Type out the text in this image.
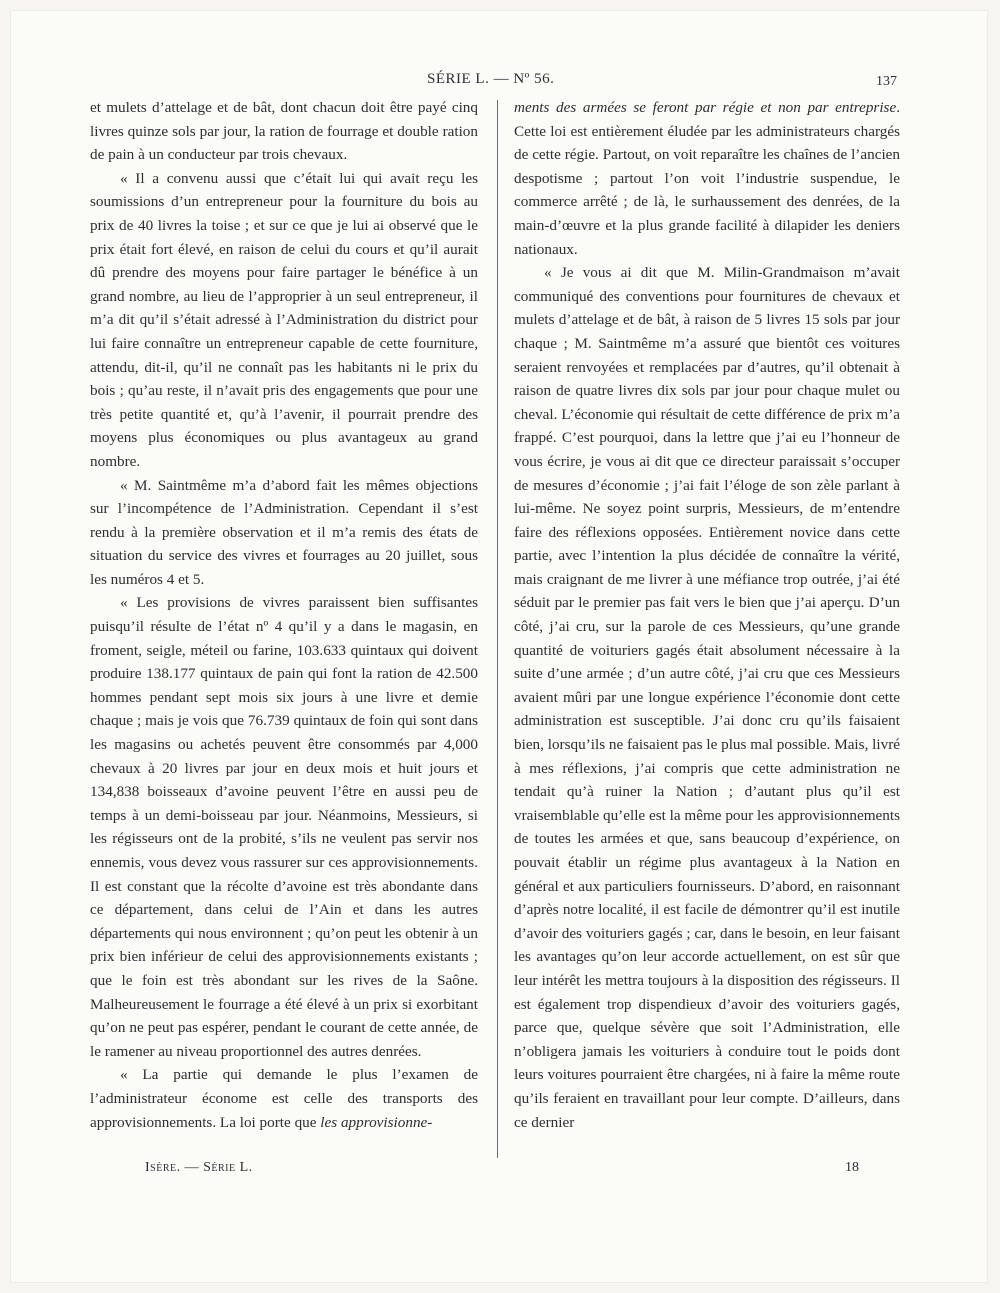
SÉRIE L. — Nº 56.	137

et mulets d’attelage et de bât, dont chacun doit être payé cinq livres quinze sols par jour, la ration de fourrage et double ration de pain à un conducteur par trois chevaux.

« Il a convenu aussi que c’était lui qui avait reçu les soumissions d’un entrepreneur pour la fourniture du bois au prix de 40 livres la toise ; et sur ce que je lui ai observé que le prix était fort élevé, en raison de celui du cours et qu’il aurait dû prendre des moyens pour faire partager le bénéfice à un grand nombre, au lieu de l’approprier à un seul entrepreneur, il m’a dit qu’il s’était adressé à l’Administration du district pour lui faire connaître un entrepreneur capable de cette fourniture, attendu, dit-il, qu’il ne connaît pas les habitants ni le prix du bois ; qu’au reste, il n’avait pris des engagements que pour une très petite quantité et, qu’à l’avenir, il pourrait prendre des moyens plus économiques ou plus avantageux au grand nombre.

« M. Saintmême m’a d’abord fait les mêmes objections sur l’incompétence de l’Administration. Cependant il s’est rendu à la première observation et il m’a remis des états de situation du service des vivres et fourrages au 20 juillet, sous les numéros 4 et 5.

« Les provisions de vivres paraissent bien suffisantes puisqu’il résulte de l’état nº 4 qu’il y a dans le magasin, en froment, seigle, méteil ou farine, 103.633 quintaux qui doivent produire 138.177 quintaux de pain qui font la ration de 42.500 hommes pendant sept mois six jours à une livre et demie chaque ; mais je vois que 76.739 quintaux de foin qui sont dans les magasins ou achetés peuvent être consommés par 4,000 chevaux à 20 livres par jour en deux mois et huit jours et 134,838 boisseaux d’avoine peuvent l’être en aussi peu de temps à un demi-boisseau par jour. Néanmoins, Messieurs, si les régisseurs ont de la probité, s’ils ne veulent pas servir nos ennemis, vous devez vous rassurer sur ces approvisionnements. Il est constant que la récolte d’avoine est très abondante dans ce département, dans celui de l’Ain et dans les autres départements qui nous environnent ; qu’on peut les obtenir à un prix bien inférieur de celui des approvisionnements existants ; que le foin est très abondant sur les rives de la Saône. Malheureusement le fourrage a été élevé à un prix si exorbitant qu’on ne peut pas espérer, pendant le courant de cette année, de le ramener au niveau proportionnel des autres denrées.

« La partie qui demande le plus l’examen de l’administrateur économe est celle des transports des approvisionnements. La loi porte que les approvisionne-

ments des armées se feront par régie et non par entreprise. Cette loi est entièrement éludée par les administrateurs chargés de cette régie. Partout, on voit reparaître les chaînes de l’ancien despotisme ; partout l’on voit l’industrie suspendue, le commerce arrêté ; de là, le surhaussement des denrées, de la main-d’œuvre et la plus grande facilité à dilapider les deniers nationaux.

« Je vous ai dit que M. Milin-Grandmaison m’avait communiqué des conventions pour fournitures de chevaux et mulets d’attelage et de bât, à raison de 5 livres 15 sols par jour chaque ; M. Saintmême m’a assuré que bientôt ces voitures seraient renvoyées et remplacées par d’autres, qu’il obtenait à raison de quatre livres dix sols par jour pour chaque mulet ou cheval. L’économie qui résultait de cette différence de prix m’a frappé. C’est pourquoi, dans la lettre que j’ai eu l’honneur de vous écrire, je vous ai dit que ce directeur paraissait s’occuper de mesures d’économie ; j’ai fait l’éloge de son zèle parlant à lui-même. Ne soyez point surpris, Messieurs, de m’entendre faire des réflexions opposées. Entièrement novice dans cette partie, avec l’intention la plus décidée de connaître la vérité, mais craignant de me livrer à une méfiance trop outrée, j’ai été séduit par le premier pas fait vers le bien que j’ai aperçu. D’un côté, j’ai cru, sur la parole de ces Messieurs, qu’une grande quantité de voituriers gagés était absolument nécessaire à la suite d’une armée ; d’un autre côté, j’ai cru que ces Messieurs avaient mûri par une longue expérience l’économie dont cette administration est susceptible. J’ai donc cru qu’ils faisaient bien, lorsqu’ils ne faisaient pas le plus mal possible. Mais, livré à mes réflexions, j’ai compris que cette administration ne tendait qu’à ruiner la Nation ; d’autant plus qu’il est vraisemblable qu’elle est la même pour les approvisionnements de toutes les armées et que, sans beaucoup d’expérience, on pouvait établir un régime plus avantageux à la Nation en général et aux particuliers fournisseurs. D’abord, en raisonnant d’après notre localité, il est facile de démontrer qu’il est inutile d’avoir des voituriers gagés ; car, dans le besoin, en leur faisant les avantages qu’on leur accorde actuellement, on est sûr que leur intérêt les mettra toujours à la disposition des régisseurs. Il est également trop dispendieux d’avoir des voituriers gagés, parce que, quelque sévère que soit l’Administration, elle n’obligera jamais les voituriers à conduire tout le poids dont leurs voitures pourraient être chargées, ni à faire la même route qu’ils feraient en travaillant pour leur compte. D’ailleurs, dans ce dernier

Isère. — Série L.	18
